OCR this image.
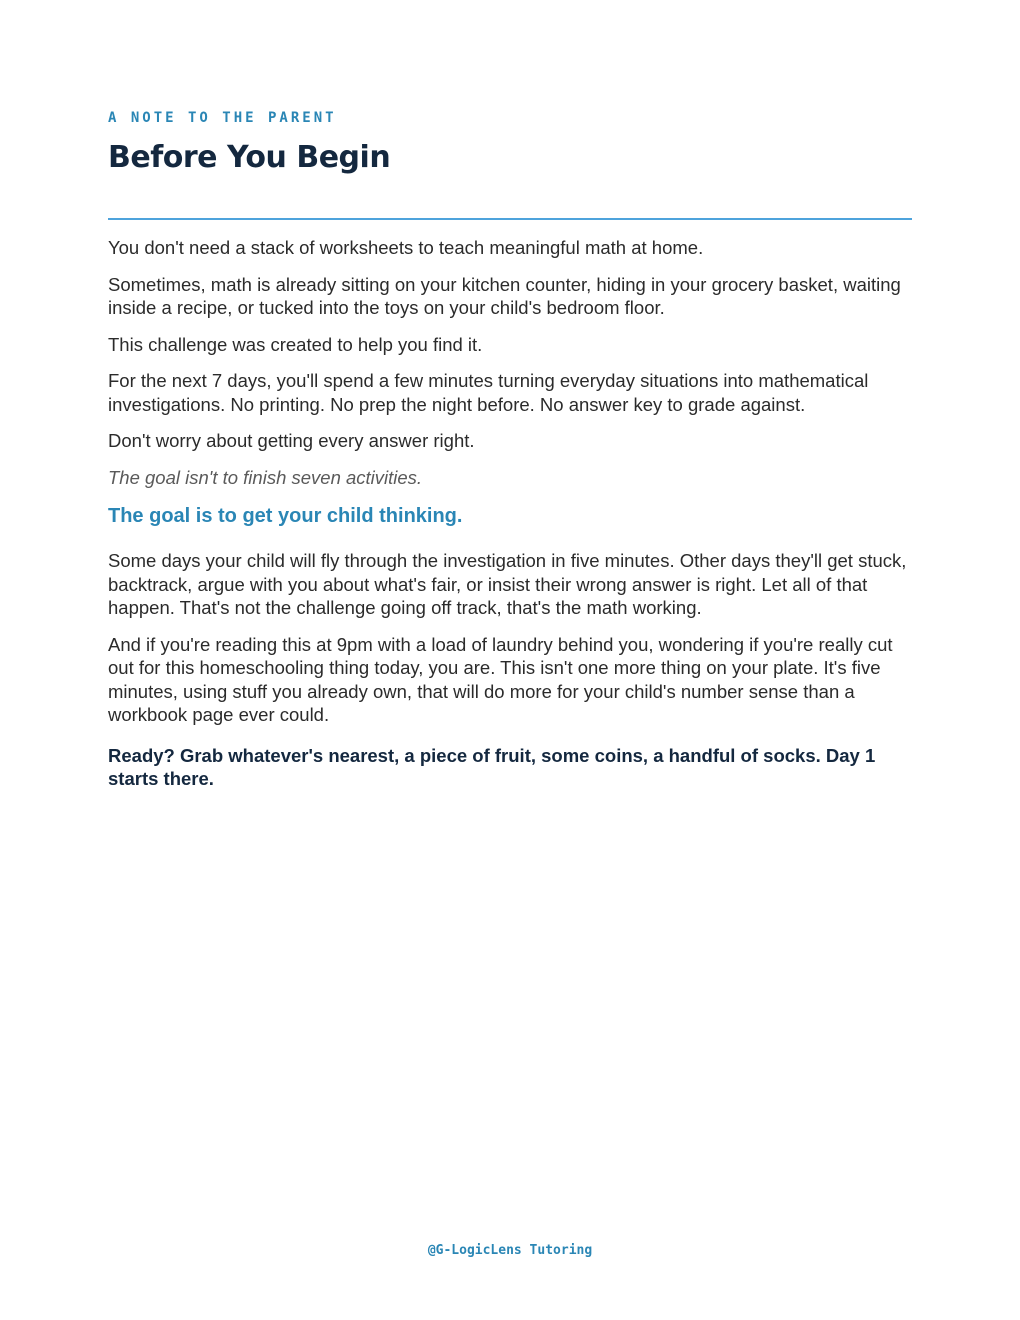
A NOTE TO THE PARENT
Before You Begin

You don't need a stack of worksheets to teach meaningful math at home.

Sometimes, math is already sitting on your kitchen counter, hiding in your grocery basket, waiting inside a recipe, or tucked into the toys on your child's bedroom floor.

This challenge was created to help you find it.

For the next 7 days, you'll spend a few minutes turning everyday situations into mathematical investigations. No printing. No prep the night before. No answer key to grade against.

Don't worry about getting every answer right.

The goal isn't to finish seven activities.

The goal is to get your child thinking.

Some days your child will fly through the investigation in five minutes. Other days they'll get stuck, backtrack, argue with you about what's fair, or insist their wrong answer is right. Let all of that happen. That's not the challenge going off track, that's the math working.

And if you're reading this at 9pm with a load of laundry behind you, wondering if you're really cut out for this homeschooling thing today, you are. This isn't one more thing on your plate. It's five minutes, using stuff you already own, that will do more for your child's number sense than a workbook page ever could.

Ready? Grab whatever's nearest, a piece of fruit, some coins, a handful of socks. Day 1 starts there.

@G-LogicLens Tutoring
